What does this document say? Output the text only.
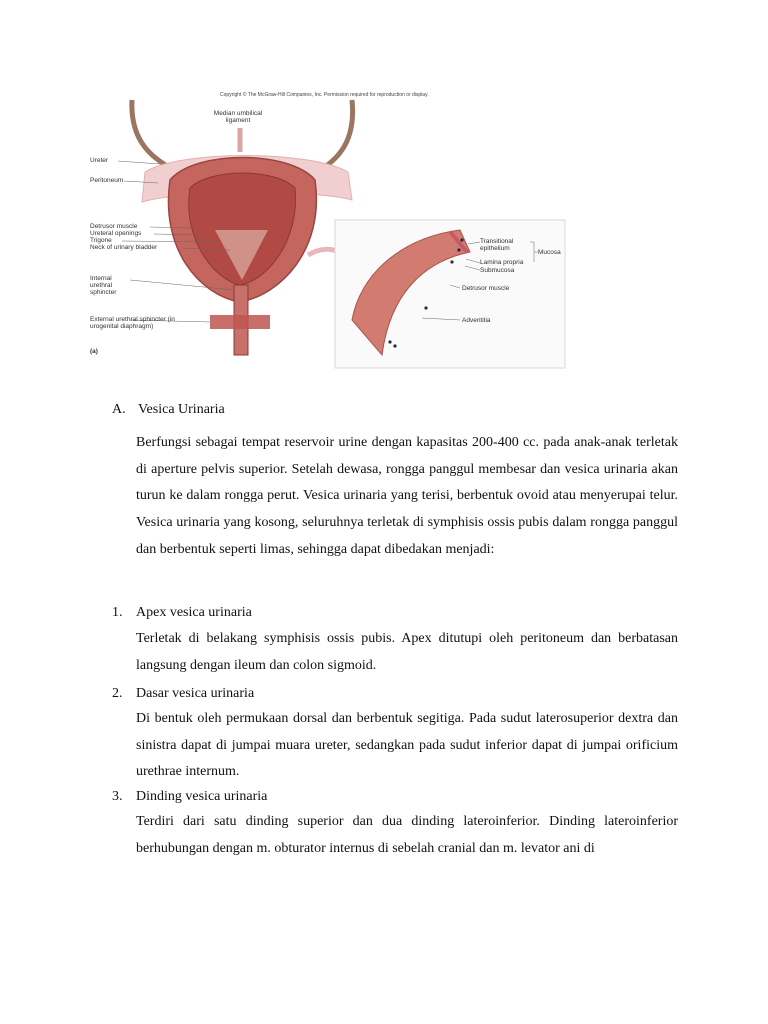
Copyright © The McGraw-Hill Companies, Inc. Permission required for reproduction or display.
Median umbilical ligament
Ureter
Peritoneum
Detrusor muscle
Ureteral openings
Trigone
Neck of urinary bladder
Internal urethral sphincter
External urethral sphincter (in urogenital diaphragm)
(a)
Transitional epithelium
Lamina propria
Submucosa
Mucosa
Detrusor muscle
Adventitia
A. Vesica Urinaria

Berfungsi sebagai tempat reservoir urine dengan kapasitas 200-400 cc. pada anak-anak terletak di aperture pelvis superior. Setelah dewasa, rongga panggul membesar dan vesica urinaria akan turun ke dalam rongga perut. Vesica urinaria yang terisi, berbentuk ovoid atau menyerupai telur. Vesica urinaria yang kosong, seluruhnya terletak di symphisis ossis pubis dalam rongga panggul dan berbentuk seperti limas, sehingga dapat dibedakan menjadi:

1. Apex vesica urinaria

Terletak di belakang symphisis ossis pubis. Apex ditutupi oleh peritoneum dan berbatasan langsung dengan ileum dan colon sigmoid.

2. Dasar vesica urinaria

Di bentuk oleh permukaan dorsal dan berbentuk segitiga. Pada sudut laterosuperior dextra dan sinistra dapat di jumpai muara ureter, sedangkan pada sudut inferior dapat di jumpai orificium urethrae internum.

3. Dinding vesica urinaria

Terdiri dari satu dinding superior dan dua dinding lateroinferior. Dinding lateroinferior berhubungan dengan m. obturator internus di sebelah cranial dan m. levator ani di
